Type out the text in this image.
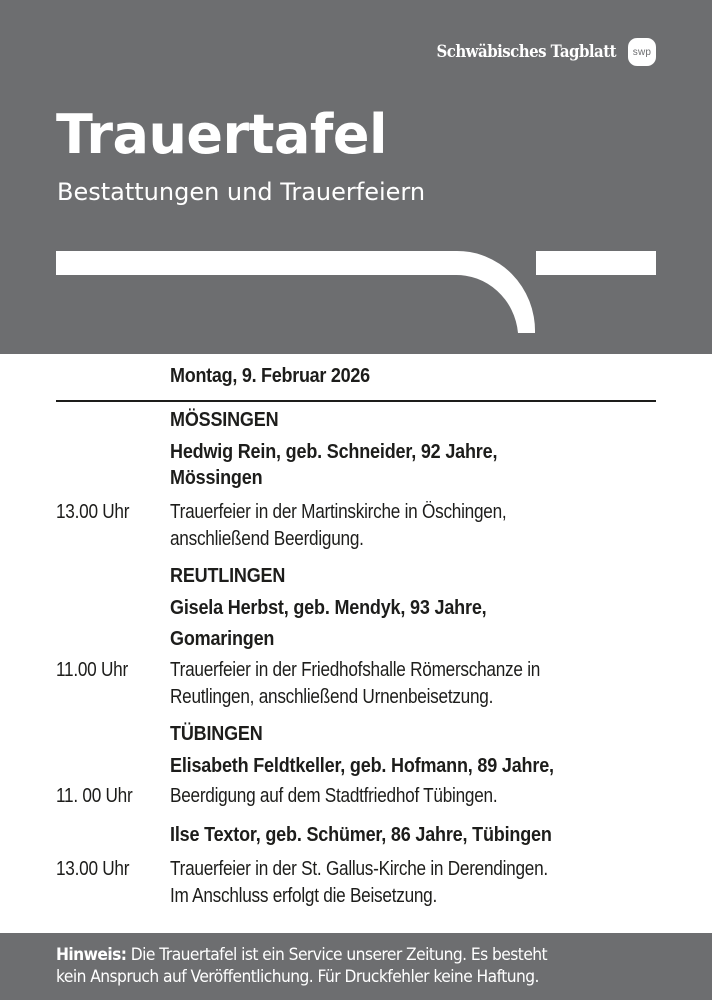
Schwäbisches Tagblatt	swp
Trauertafel

Bestattungen und Trauerfeiern

Montag, 9. Februar 2026
MÖSSINGEN
Hedwig Rein, geb. Schneider, 92 Jahre,
Mössingen
13.00 Uhr	Trauerfeier in der Martinskirche in Öschingen,
anschließend Beerdigung.
REUTLINGEN
Gisela Herbst, geb. Mendyk, 93 Jahre,
Gomaringen
11.00 Uhr	Trauerfeier in der Friedhofshalle Römerschanze in
Reutlingen, anschließend Urnenbeisetzung.
TÜBINGEN
Elisabeth Feldtkeller, geb. Hofmann, 89 Jahre,
11. 00 Uhr	Beerdigung auf dem Stadtfriedhof Tübingen.
Ilse Textor, geb. Schümer, 86 Jahre, Tübingen
13.00 Uhr	Trauerfeier in der St. Gallus-Kirche in Derendingen.
Im Anschluss erfolgt die Beisetzung.

Hinweis: Die Trauertafel ist ein Service unserer Zeitung. Es besteht
kein Anspruch auf Veröffentlichung. Für Druckfehler keine Haftung.
